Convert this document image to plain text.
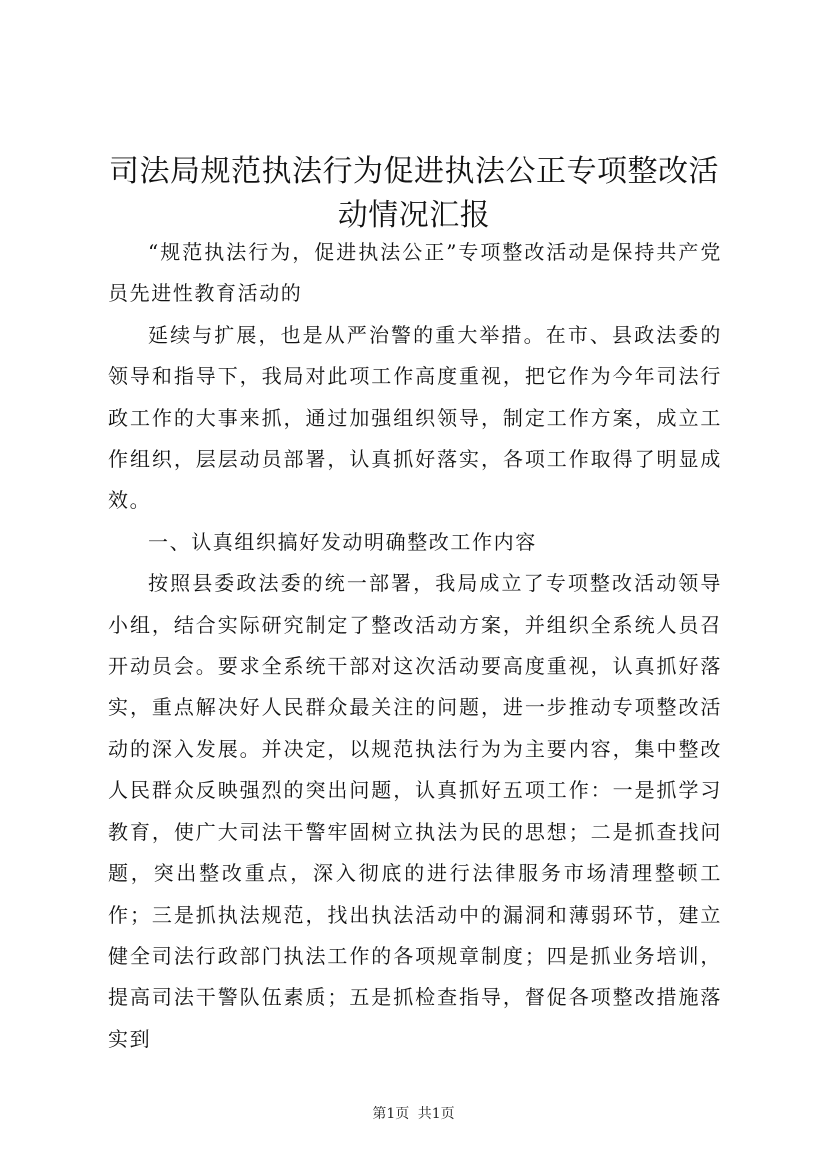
司法局规范执法行为促进执法公正专项整改活动情况汇报

“规范执法行为，促进执法公正”专项整改活动是保持共产党员先进性教育活动的

延续与扩展，也是从严治警的重大举措。在市、县政法委的领导和指导下，我局对此项工作高度重视，把它作为今年司法行政工作的大事来抓，通过加强组织领导，制定工作方案，成立工作组织，层层动员部署，认真抓好落实，各项工作取得了明显成效。

一、认真组织搞好发动明确整改工作内容

按照县委政法委的统一部署，我局成立了专项整改活动领导小组，结合实际研究制定了整改活动方案，并组织全系统人员召开动员会。要求全系统干部对这次活动要高度重视，认真抓好落实，重点解决好人民群众最关注的问题，进一步推动专项整改活动的深入发展。并决定，以规范执法行为为主要内容，集中整改人民群众反映强烈的突出问题，认真抓好五项工作：一是抓学习教育，使广大司法干警牢固树立执法为民的思想；二是抓查找问题，突出整改重点，深入彻底的进行法律服务市场清理整顿工作；三是抓执法规范，找出执法活动中的漏洞和薄弱环节，建立健全司法行政部门执法工作的各项规章制度；四是抓业务培训，提高司法干警队伍素质；五是抓检查指导，督促各项整改措施落实到

第1页 共1页
